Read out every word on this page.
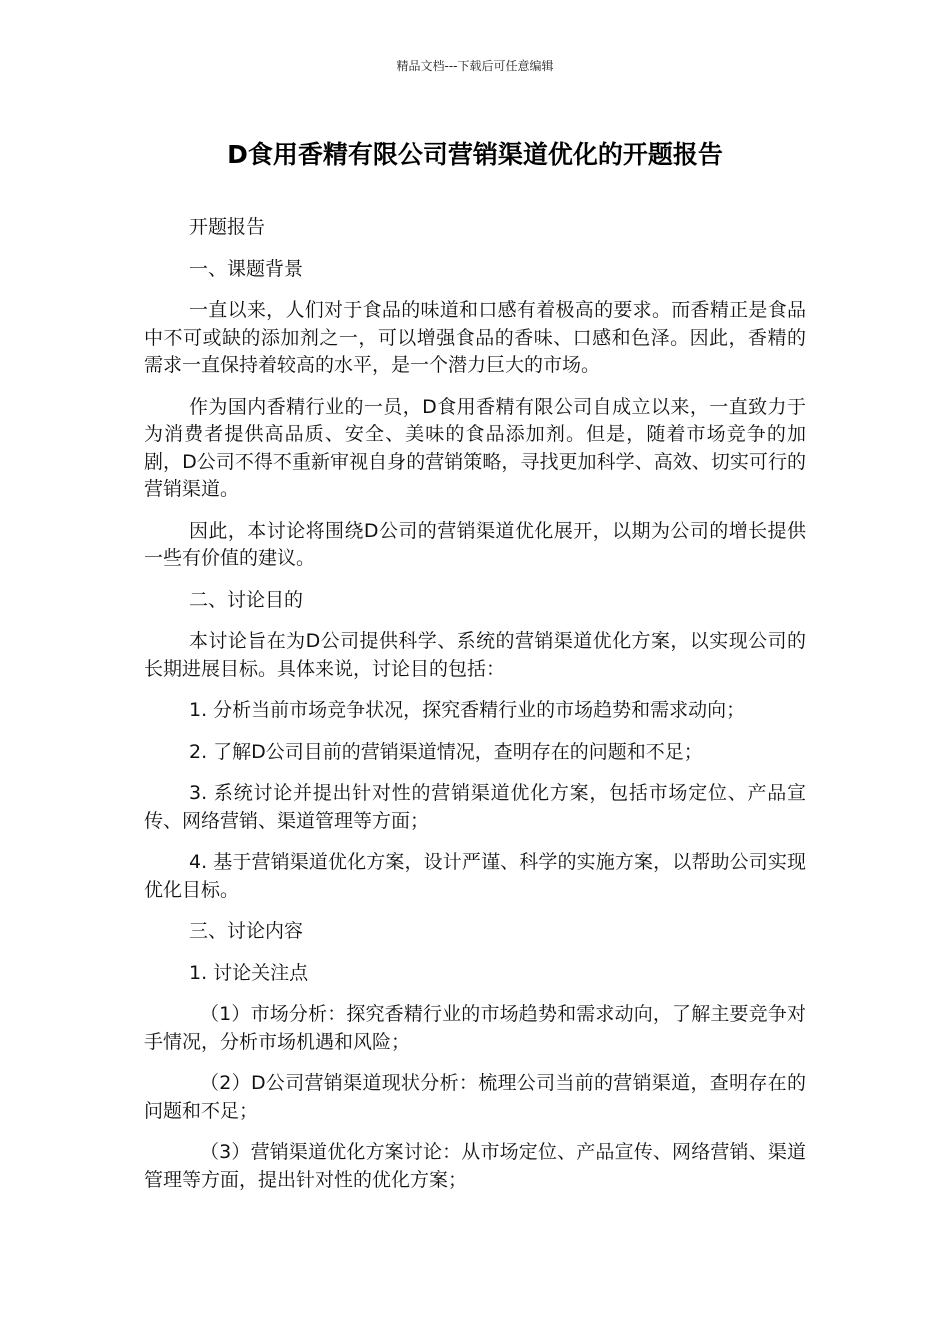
精品文档---下载后可任意编辑
D食用香精有限公司营销渠道优化的开题报告

开题报告

一、课题背景

一直以来，人们对于食品的味道和口感有着极高的要求。而香精正是食品中不可或缺的添加剂之一，可以增强食品的香味、口感和色泽。因此，香精的需求一直保持着较高的水平，是一个潜力巨大的市场。

作为国内香精行业的一员，D食用香精有限公司自成立以来，一直致力于为消费者提供高品质、安全、美味的食品添加剂。但是，随着市场竞争的加剧，D公司不得不重新审视自身的营销策略，寻找更加科学、高效、切实可行的营销渠道。

因此，本讨论将围绕D公司的营销渠道优化展开，以期为公司的增长提供一些有价值的建议。

二、讨论目的

本讨论旨在为D公司提供科学、系统的营销渠道优化方案，以实现公司的长期进展目标。具体来说，讨论目的包括：

1. 分析当前市场竞争状况，探究香精行业的市场趋势和需求动向；

2. 了解D公司目前的营销渠道情况，查明存在的问题和不足；

3. 系统讨论并提出针对性的营销渠道优化方案，包括市场定位、产品宣传、网络营销、渠道管理等方面；

4. 基于营销渠道优化方案，设计严谨、科学的实施方案，以帮助公司实现优化目标。

三、讨论内容

1. 讨论关注点

（1）市场分析：探究香精行业的市场趋势和需求动向，了解主要竞争对手情况，分析市场机遇和风险；

（2）D公司营销渠道现状分析：梳理公司当前的营销渠道，查明存在的问题和不足；

（3）营销渠道优化方案讨论：从市场定位、产品宣传、网络营销、渠道管理等方面，提出针对性的优化方案；
